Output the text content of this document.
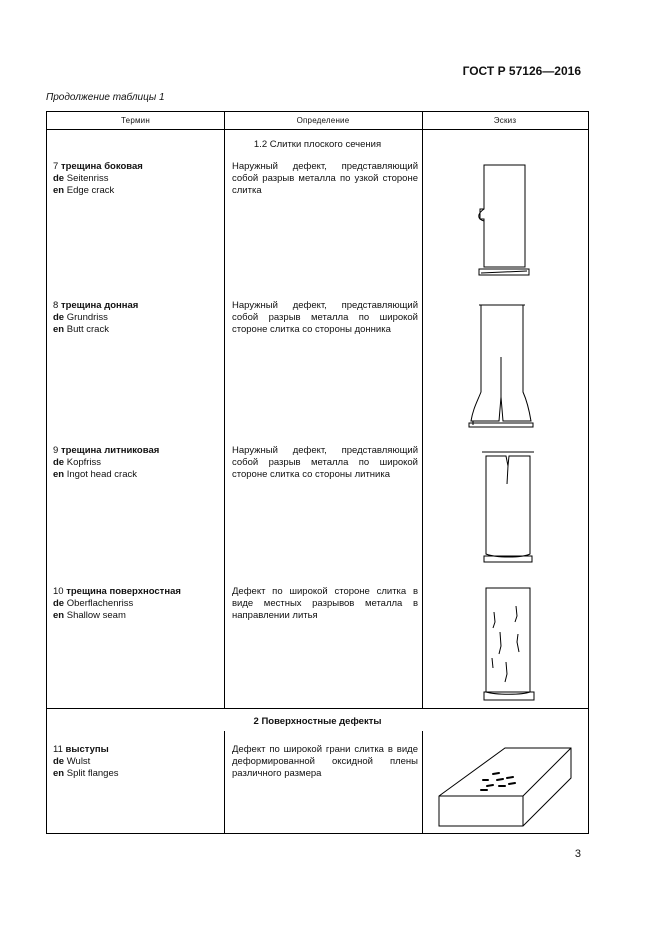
ГОСТ Р 57126—2016
Продолжение таблицы 1
Термин	Определение	Эскиз
1.2 Слитки плоского сечения
7 трещина боковая
de Seitenriss
en Edge crack
Наружный дефект, представляющий собой разрыв металла по узкой стороне слитка
8 трещина донная
de Grundriss
en Butt crack
Наружный дефект, представляющий собой разрыв металла по широкой стороне слитка со стороны донника
9 трещина литниковая
de Kopfriss
en Ingot head crack
Наружный дефект, представляющий собой разрыв металла по широкой стороне слитка со стороны литника
10 трещина поверхностная
de Oberflachenriss
en Shallow seam
Дефект по широкой стороне слитка в виде местных разрывов металла в направлении литья
2 Поверхностные дефекты
11 выступы
de Wulst
en Split flanges
Дефект по широкой грани слитка в виде деформированной оксидной плены различного размера
3
